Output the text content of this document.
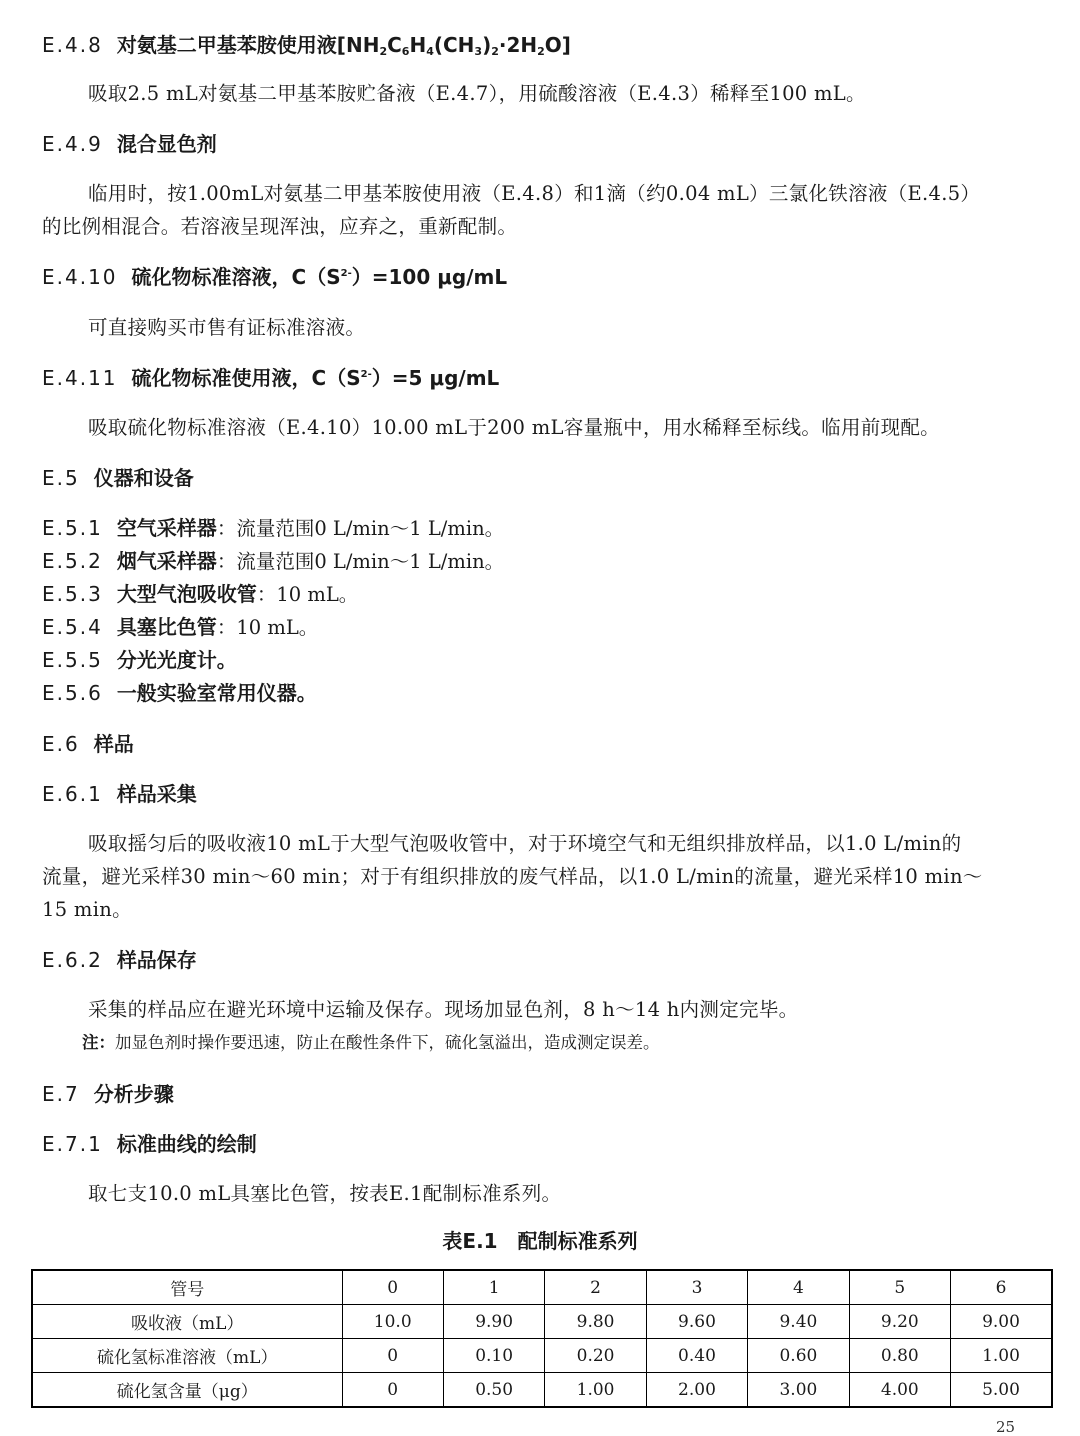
E.4.8 对氨基二甲基苯胺使用液$[NH_2C_6H_4(CH_3)_2\cdot 2H_2O]$
吸取2.5 mL对氨基二甲基苯胺贮备液（E.4.7），用硫酸溶液（E.4.3）稀释至100 mL。
E.4.9 混合显色剂
临用时，按1.00mL对氨基二甲基苯胺使用液（E.4.8）和1滴（约0.04 mL）三氯化铁溶液（E.4.5）
的比例相混合。若溶液呈现浑浊，应弃之，重新配制。
E.4.10 硫化物标准溶液，$C(S^{2-})=100$ μg/mL
可直接购买市售有证标准溶液。
E.4.11 硫化物标准使用液，$C(S^{2-})=5$ μg/mL
吸取硫化物标准溶液（E.4.10）10.00 mL于200 mL容量瓶中，用水稀释至标线。临用前现配。
E.5 仪器和设备
E.5.1 空气采样器：流量范围0 L/min～1 L/min。
E.5.2 烟气采样器：流量范围0 L/min～1 L/min。
E.5.3 大型气泡吸收管：10 mL。
E.5.4 具塞比色管：10 mL。
E.5.5 分光光度计。
E.5.6 一般实验室常用仪器。
E.6 样品
E.6.1 样品采集
吸取摇匀后的吸收液10 mL于大型气泡吸收管中，对于环境空气和无组织排放样品，以1.0 L/min的
流量，避光采样30 min～60 min；对于有组织排放的废气样品，以1.0 L/min的流量，避光采样10 min～
15 min。
E.6.2 样品保存
采集的样品应在避光环境中运输及保存。现场加显色剂，8 h～14 h内测定完毕。
注：加显色剂时操作要迅速，防止在酸性条件下，硫化氢溢出，造成测定误差。
E.7 分析步骤
E.7.1 标准曲线的绘制
取七支10.0 mL具塞比色管，按表E.1配制标准系列。
表E.1　配制标准系列
管号	0	1	2	3	4	5	6
吸收液（mL）	10.0	9.90	9.80	9.60	9.40	9.20	9.00
硫化氢标准溶液（mL）	0	0.10	0.20	0.40	0.60	0.80	1.00
硫化氢含量（μg）	0	0.50	1.00	2.00	3.00	4.00	5.00
25
